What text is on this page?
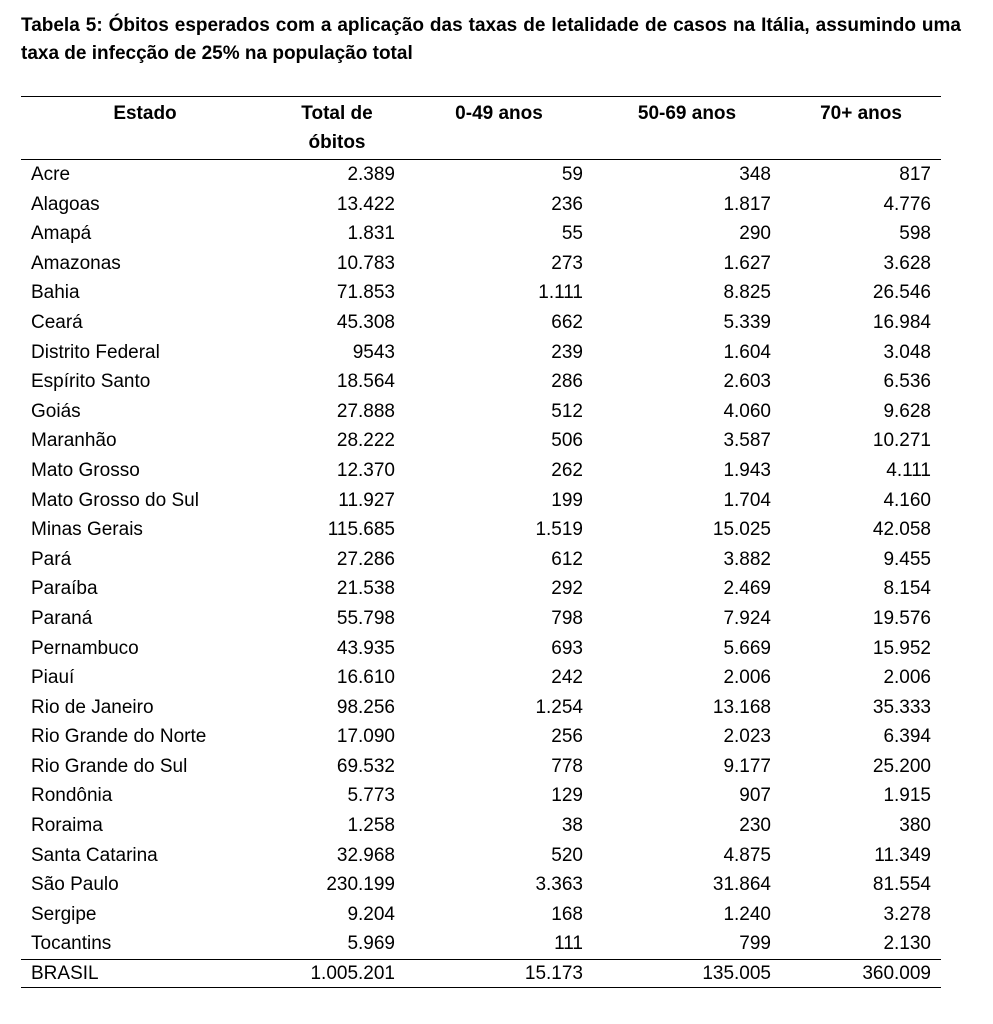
Tabela 5: Óbitos esperados com a aplicação das taxas de letalidade de casos na Itália, assumindo uma taxa de infecção de 25% na população total

Estado	Total de óbitos	0-49 anos	50-69 anos	70+ anos
Acre	2.389	59	348	817
Alagoas	13.422	236	1.817	4.776
Amapá	1.831	55	290	598
Amazonas	10.783	273	1.627	3.628
Bahia	71.853	1.111	8.825	26.546
Ceará	45.308	662	5.339	16.984
Distrito Federal	9543	239	1.604	3.048
Espírito Santo	18.564	286	2.603	6.536
Goiás	27.888	512	4.060	9.628
Maranhão	28.222	506	3.587	10.271
Mato Grosso	12.370	262	1.943	4.111
Mato Grosso do Sul	11.927	199	1.704	4.160
Minas Gerais	115.685	1.519	15.025	42.058
Pará	27.286	612	3.882	9.455
Paraíba	21.538	292	2.469	8.154
Paraná	55.798	798	7.924	19.576
Pernambuco	43.935	693	5.669	15.952
Piauí	16.610	242	2.006	2.006
Rio de Janeiro	98.256	1.254	13.168	35.333
Rio Grande do Norte	17.090	256	2.023	6.394
Rio Grande do Sul	69.532	778	9.177	25.200
Rondônia	5.773	129	907	1.915
Roraima	1.258	38	230	380
Santa Catarina	32.968	520	4.875	11.349
São Paulo	230.199	3.363	31.864	81.554
Sergipe	9.204	168	1.240	3.278
Tocantins	5.969	111	799	2.130
BRASIL	1.005.201	15.173	135.005	360.009
